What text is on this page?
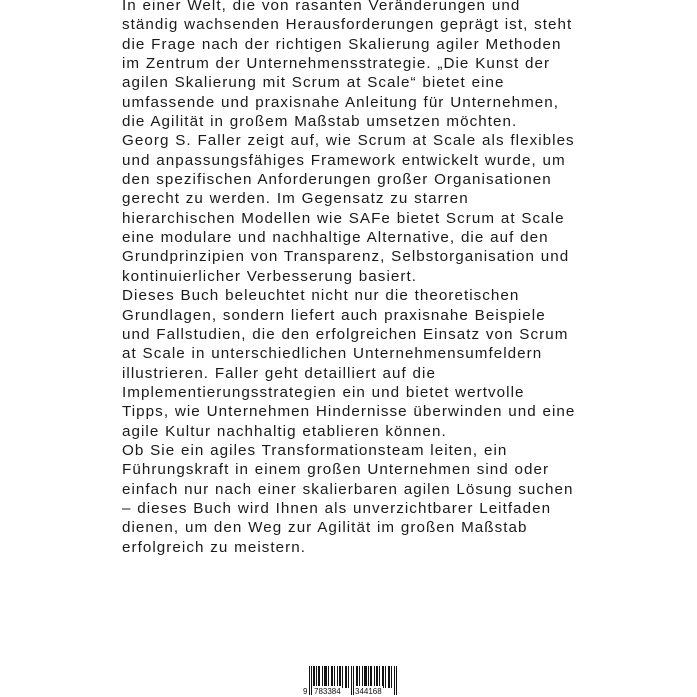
In einer Welt, die von rasanten Veränderungen und
ständig wachsenden Herausforderungen geprägt ist, steht
die Frage nach der richtigen Skalierung agiler Methoden
im Zentrum der Unternehmensstrategie. „Die Kunst der
agilen Skalierung mit Scrum at Scale“ bietet eine
umfassende und praxisnahe Anleitung für Unternehmen,
die Agilität in großem Maßstab umsetzen möchten.
Georg S. Faller zeigt auf, wie Scrum at Scale als flexibles
und anpassungsfähiges Framework entwickelt wurde, um
den spezifischen Anforderungen großer Organisationen
gerecht zu werden. Im Gegensatz zu starren
hierarchischen Modellen wie SAFe bietet Scrum at Scale
eine modulare und nachhaltige Alternative, die auf den
Grundprinzipien von Transparenz, Selbstorganisation und
kontinuierlicher Verbesserung basiert.
Dieses Buch beleuchtet nicht nur die theoretischen
Grundlagen, sondern liefert auch praxisnahe Beispiele
und Fallstudien, die den erfolgreichen Einsatz von Scrum
at Scale in unterschiedlichen Unternehmensumfeldern
illustrieren. Faller geht detailliert auf die
Implementierungsstrategien ein und bietet wertvolle
Tipps, wie Unternehmen Hindernisse überwinden und eine
agile Kultur nachhaltig etablieren können.
Ob Sie ein agiles Transformationsteam leiten, ein
Führungskraft in einem großen Unternehmen sind oder
einfach nur nach einer skalierbaren agilen Lösung suchen
– dieses Buch wird Ihnen als unverzichtbarer Leitfaden
dienen, um den Weg zur Agilität im großen Maßstab
erfolgreich zu meistern.
9 783384 344168
